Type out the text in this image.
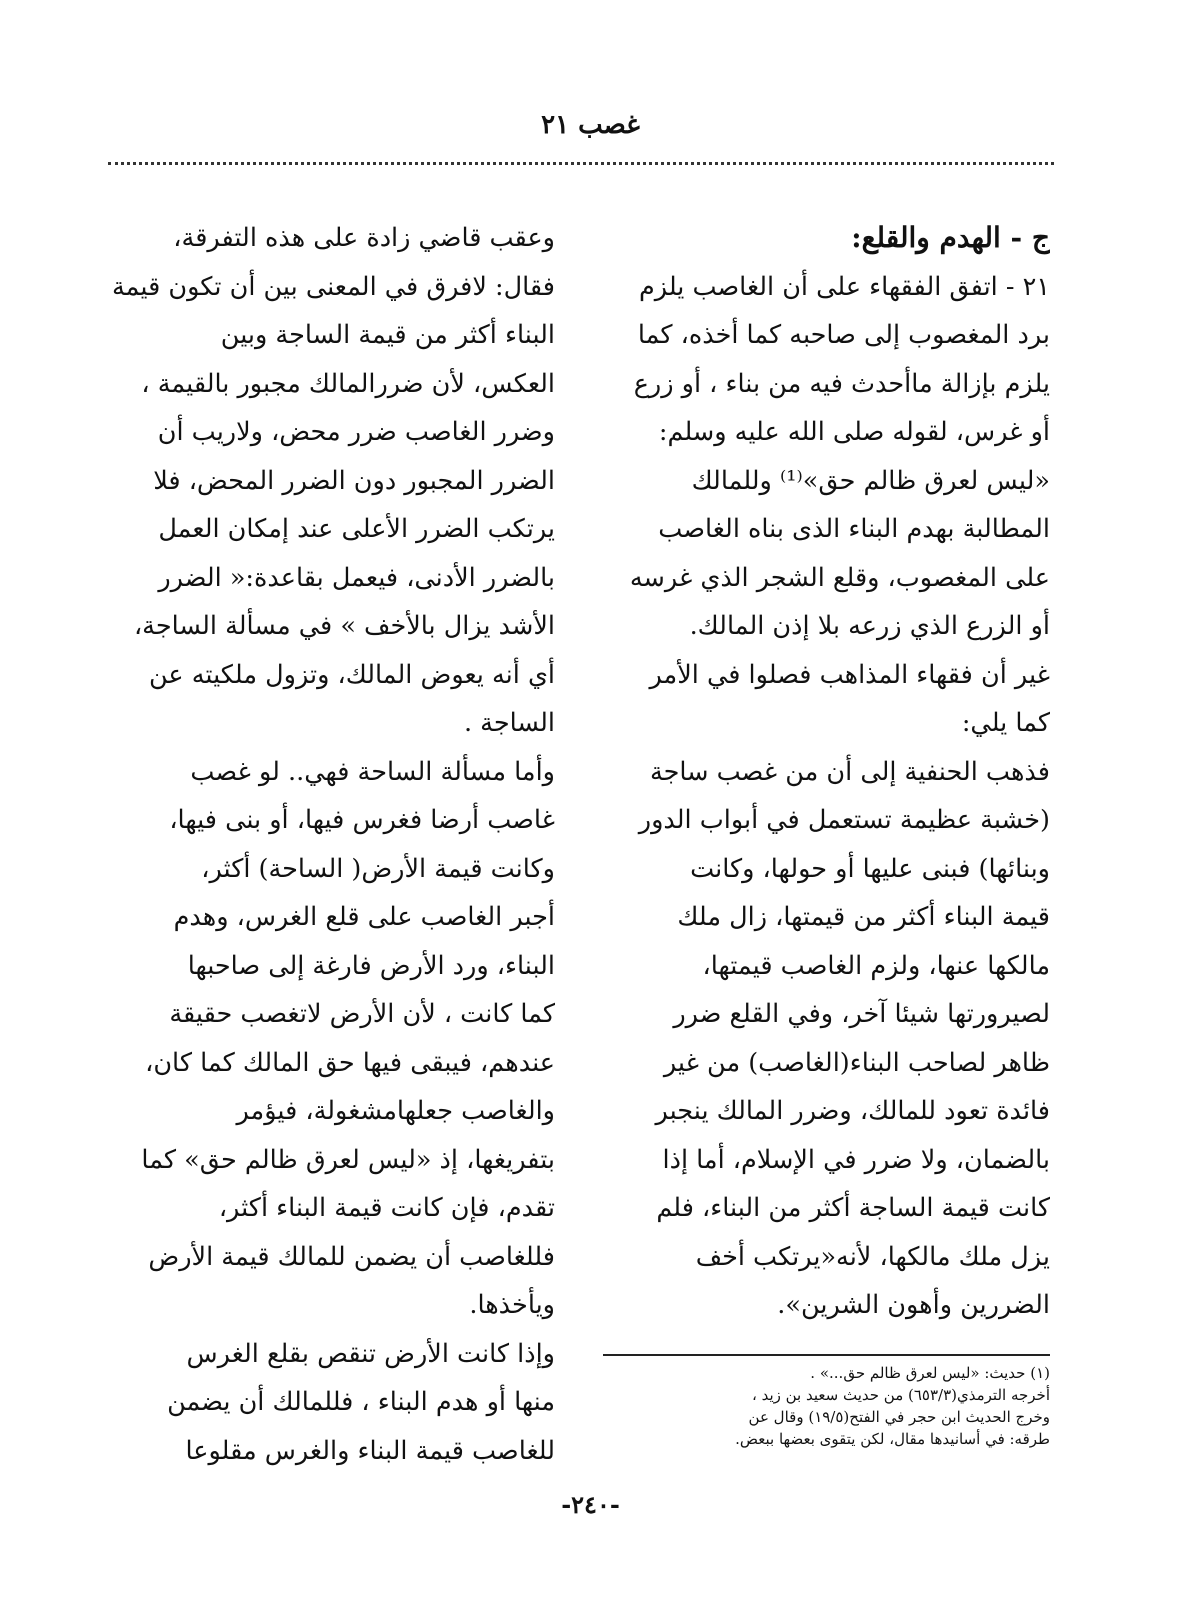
غصب ٢١
ج - الهدم والقلع:
٢١ - اتفق الفقهاء على أن الغاصب يلزم
برد المغصوب إلى صاحبه كما أخذه، كما
يلزم بإزالة ماأحدث فيه من بناء ، أو زرع
أو غرس، لقوله صلى الله عليه وسلم:
«ليس لعرق ظالم حق»⁽¹⁾ وللمالك
المطالبة بهدم البناء الذى بناه الغاصب
على المغصوب، وقلع الشجر الذي غرسه
أو الزرع الذي زرعه بلا إذن المالك.
غير أن فقهاء المذاهب فصلوا في الأمر
كما يلي:
فذهب الحنفية إلى أن من غصب ساجة
(خشبة عظيمة تستعمل في أبواب الدور
وبنائها) فبنى عليها أو حولها، وكانت
قيمة البناء أكثر من قيمتها، زال ملك
مالكها عنها، ولزم الغاصب قيمتها،
لصيرورتها شيئا آخر، وفي القلع ضرر
ظاهر لصاحب البناء(الغاصب) من غير
فائدة تعود للمالك، وضرر المالك ينجبر
بالضمان، ولا ضرر في الإسلام، أما إذا
كانت قيمة الساجة أكثر من البناء، فلم
يزل ملك مالكها، لأنه«يرتكب أخف
الضررين وأهون الشرين».
وعقب قاضي زادة على هذه التفرقة،
فقال: لافرق في المعنى بين أن تكون قيمة
البناء أكثر من قيمة الساجة وبين
العكس، لأن ضررالمالك مجبور بالقيمة ،
وضرر الغاصب ضرر محض، ولاريب أن
الضرر المجبور دون الضرر المحض، فلا
يرتكب الضرر الأعلى عند إمكان العمل
بالضرر الأدنى، فيعمل بقاعدة:« الضرر
الأشد يزال بالأخف » في مسألة الساجة،
أي أنه يعوض المالك، وتزول ملكيته عن
الساجة .
وأما مسألة الساحة فهي.. لو غصب
غاصب أرضا فغرس فيها، أو بنى فيها،
وكانت قيمة الأرض( الساحة) أكثر،
أجبر الغاصب على قلع الغرس، وهدم
البناء، ورد الأرض فارغة إلى صاحبها
كما كانت ، لأن الأرض لاتغصب حقيقة
عندهم، فيبقى فيها حق المالك كما كان،
والغاصب جعلهامشغولة، فيؤمر
بتفريغها، إذ «ليس لعرق ظالم حق» كما
تقدم، فإن كانت قيمة البناء أكثر،
فللغاصب أن يضمن للمالك قيمة الأرض
ويأخذها.
وإذا كانت الأرض تنقص بقلع الغرس
منها أو هدم البناء ، فللمالك أن يضمن
للغاصب قيمة البناء والغرس مقلوعا
(١) حديث: «ليس لعرق ظالم حق...» .
أخرجه الترمذي(٦٥٣/٣) من حديث سعيد بن زيد ،
وخرج الحديث ابن حجر في الفتح(١٩/٥) وقال عن
طرقه: في أسانيدها مقال، لكن يتقوى بعضها ببعض.
-٢٤٠-
